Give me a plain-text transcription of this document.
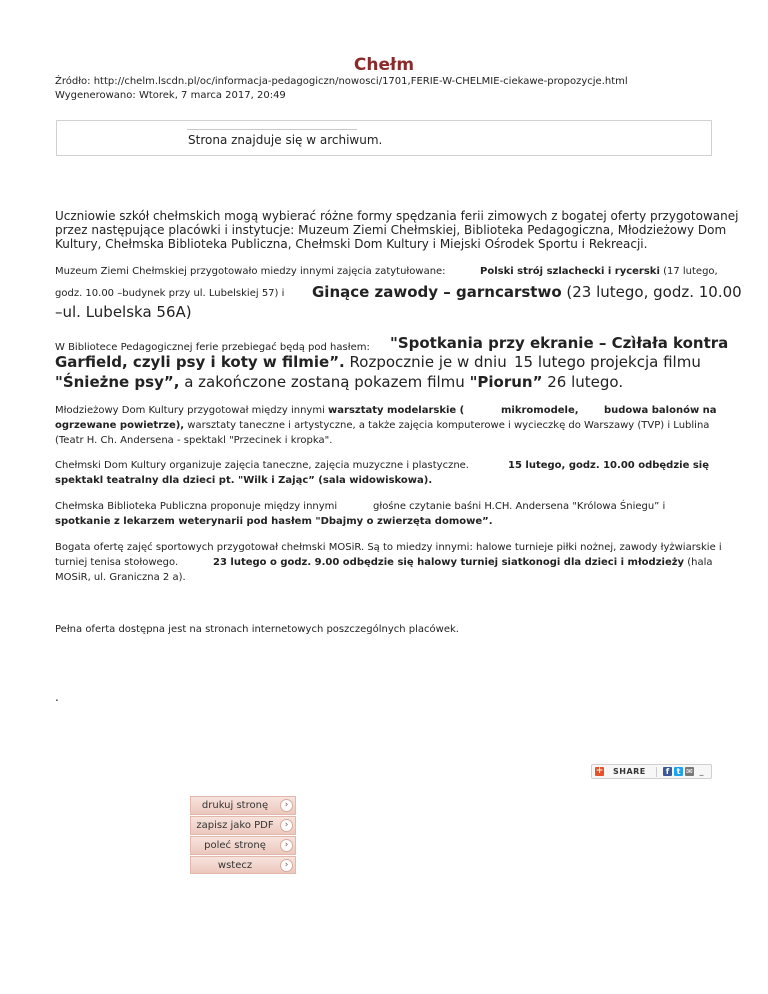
Chełm
Źródło: http://chelm.lscdn.pl/oc/informacja-pedagogiczn/nowosci/1701,FERIE-W-CHELMIE-ciekawe-propozycje.html
Wygenerowano: Wtorek, 7 marca 2017, 20:49
Strona znajduje się w archiwum.
Uczniowie szkół chełmskich mogą wybierać różne formy spędzania ferii zimowych z bogatej oferty przygotowanej
przez następujące placówki i instytucje: Muzeum Ziemi Chełmskiej, Biblioteka Pedagogiczna, Młodzieżowy Dom
Kultury, Chełmska Biblioteka Publiczna, Chełmski Dom Kultury i Miejski Ośrodek Sportu i Rekreacji.
Muzeum Ziemi Chełmskiej przygotowało miedzy innymi zajęcia zatytułowane:	Polski strój szlachecki i rycerski (17 lutego,
godz. 10.00 –budynek przy ul. Lubelskiej 57) i Ginące zawody – garncarstwo (23 lutego, godz. 10.00
–ul. Lubelska 56A)
W Bibliotece Pedagogicznej ferie przebiegać będą pod hasłem: "Spotkania przy ekranie – Czìłała kontra
Garfield, czyli psy i koty w filmie”. Rozpocznie je w dniu 15 lutego projekcja filmu
"Śnieżne psy”, a zakończone zostaną pokazem filmu "Piorun” 26 lutego.
Młodzieżowy Dom Kultury przygotował między innymi warsztaty modelarskie (	mikromodele,	budowa balonów na
ogrzewane powietrze), warsztaty taneczne i artystyczne, a także zajęcia komputerowe i wycieczkę do Warszawy (TVP) i Lublina
(Teatr H. Ch. Andersena - spektakl "Przecinek i kropka".
Chełmski Dom Kultury organizuje zajęcia taneczne, zajęcia muzyczne i plastyczne.	15 lutego, godz. 10.00 odbędzie się
spektakl teatralny dla dzieci pt. "Wilk i Zając” (sala widowiskowa).
Chełmska Biblioteka Publiczna proponuje między innymi	głośne czytanie baśni H.CH. Andersena "Królowa Śniegu” i
spotkanie z lekarzem weterynarii pod hasłem "Dbajmy o zwierzęta domowe”.
Bogata ofertę zajęć sportowych przygotował chełmski MOSiR. Są to miedzy innymi: halowe turnieje piłki nożnej, zawody łyżwiarskie i
turniej tenisa stołowego.	23 lutego o godz. 9.00 odbędzie się halowy turniej siatkonogi dla dzieci i młodzieży (hala
MOSiR, ul. Graniczna 2 a).
Pełna oferta dostępna jest na stronach internetowych poszczególnych placówek.
.
+ SHARE	f t ✉ _
drukuj stronę	›
zapisz jako PDF	›
poleć stronę	›
wstecz	›
